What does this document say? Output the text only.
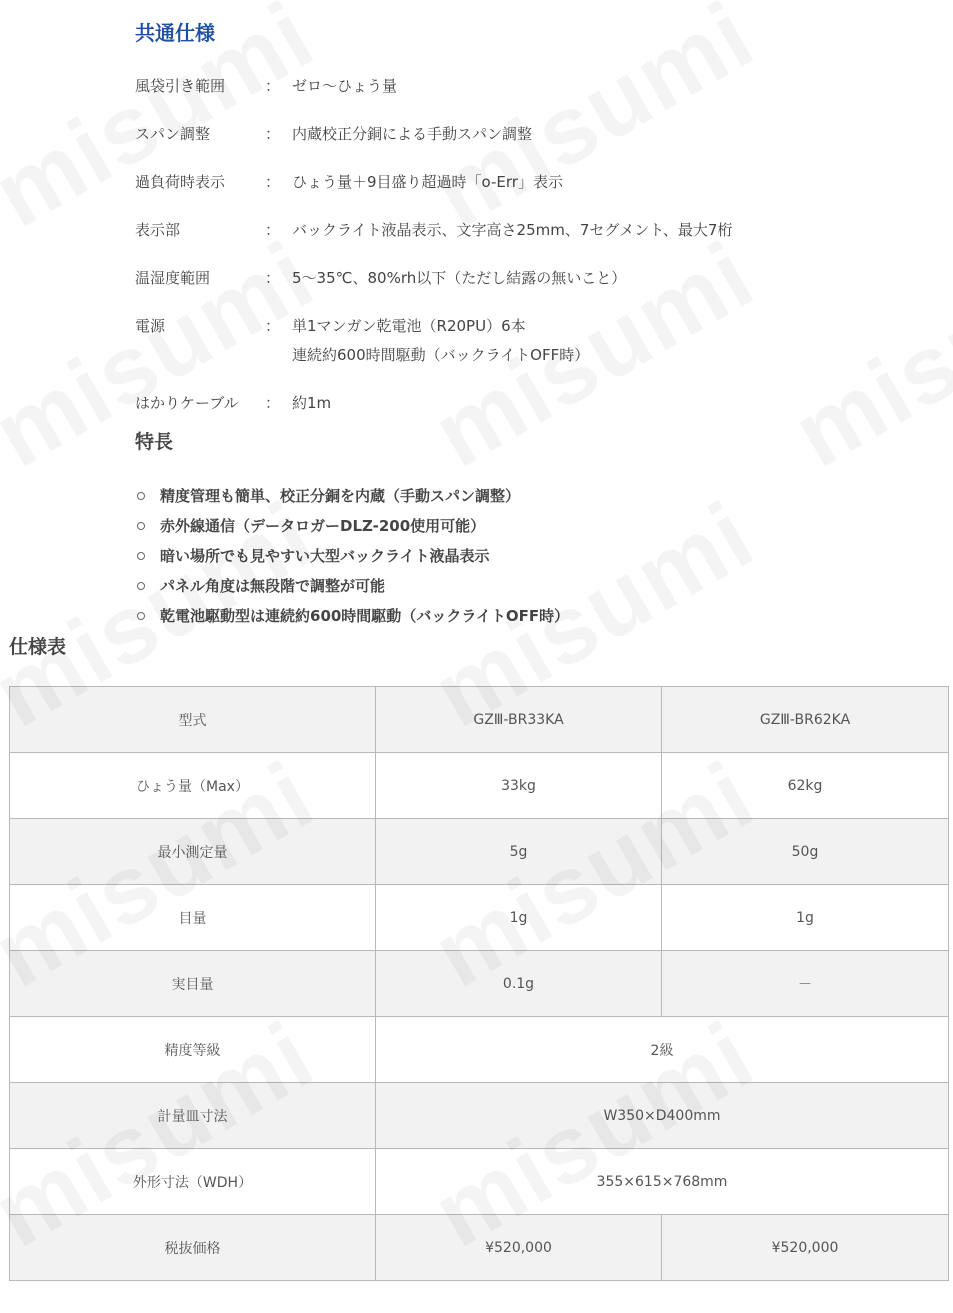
共通仕様
風袋引き範囲	： ゼロ～ひょう量
スパン調整	： 内蔵校正分銅による手動スパン調整
過負荷時表示	： ひょう量＋9目盛り超過時「o-Err」表示
表示部	： バックライト液晶表示、文字高さ25mm、7セグメント、最大7桁
温湿度範囲	： 5～35℃、80%rh以下（ただし結露の無いこと）
電源	： 単1マンガン乾電池（R20PU）6本
連続約600時間駆動（バックライトOFF時）
はかりケーブル ： 約1m
特長
精度管理も簡単、校正分銅を内蔵（手動スパン調整）
赤外線通信（データロガーDLZ-200使用可能）
暗い場所でも見やすい大型バックライト液晶表示
パネル角度は無段階で調整が可能
乾電池駆動型は連続約600時間駆動（バックライトOFF時）
仕様表
型式	GZⅢ-BR33KA	GZⅢ-BR62KA
ひょう量（Max）	33kg	62kg
最小測定量	5g	50g
目量	1g	1g
実目量	0.1g	－
精度等級	2級	
計量皿寸法	W350×D400mm	
外形寸法（WDH）	355×615×768mm	
税抜価格	¥520,000	¥520,000
